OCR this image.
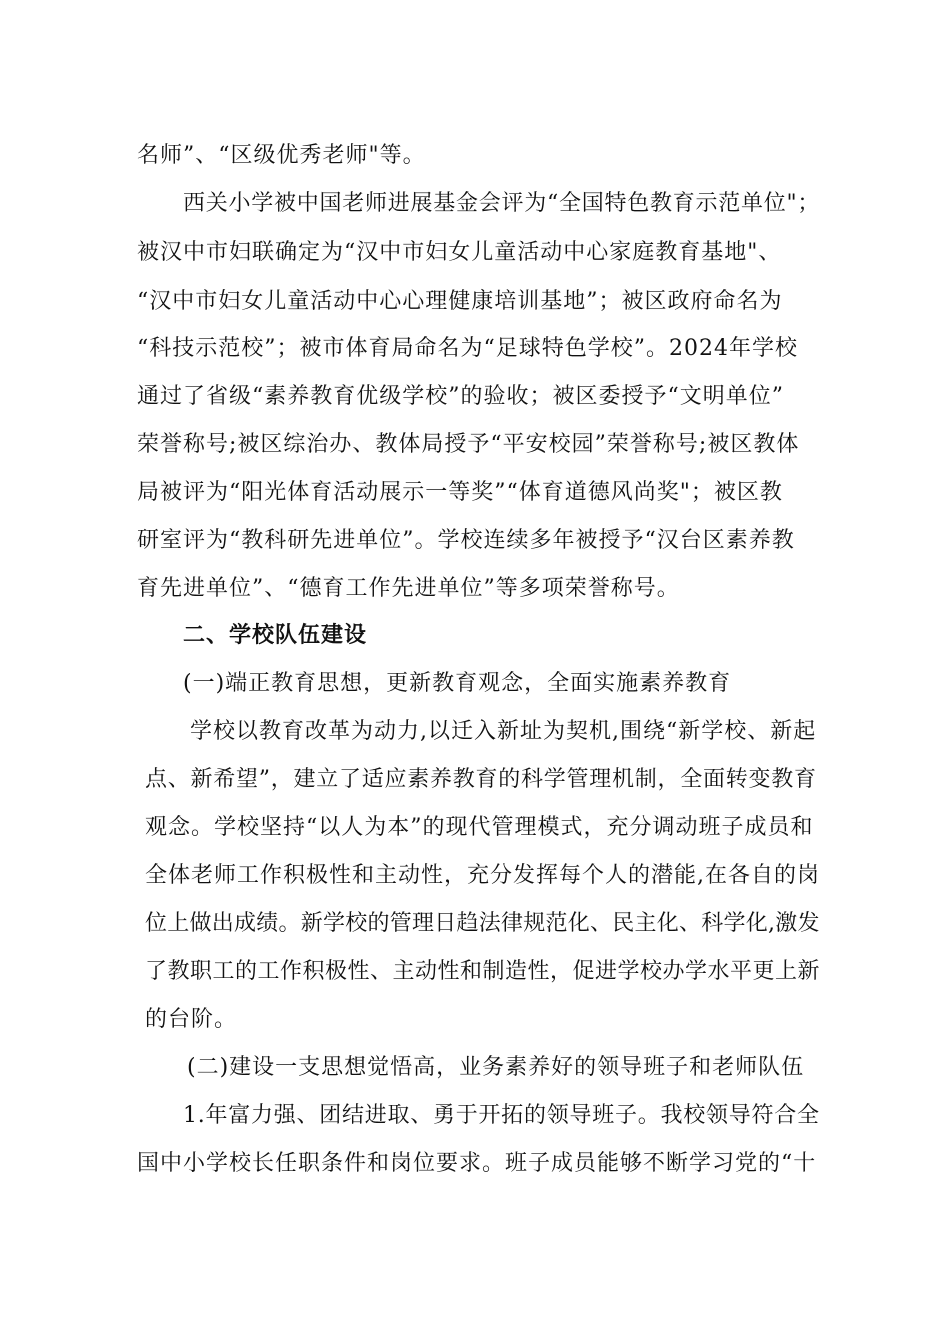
名师”、“区级优秀老师"等。
西关小学被中国老师进展基金会评为“全国特色教育示范单位"；
被汉中市妇联确定为“汉中市妇女儿童活动中心家庭教育基地"、
“汉中市妇女儿童活动中心心理健康培训基地”；被区政府命名为
“科技示范校”；被市体育局命名为“足球特色学校”。2024年学校
通过了省级“素养教育优级学校”的验收；被区委授予“文明单位”
荣誉称号;被区综治办、教体局授予“平安校园”荣誉称号;被区教体
局被评为“阳光体育活动展示一等奖”“体育道德风尚奖"；被区教
研室评为“教科研先进单位”。学校连续多年被授予“汉台区素养教
育先进单位”、“德育工作先进单位”等多项荣誉称号。
二、学校队伍建设
(一)端正教育思想，更新教育观念，全面实施素养教育
学校以教育改革为动力,以迁入新址为契机,围绕“新学校、新起
点、新希望”，建立了适应素养教育的科学管理机制，全面转变教育
观念。学校坚持“以人为本”的现代管理模式，充分调动班子成员和
全体老师工作积极性和主动性，充分发挥每个人的潜能,在各自的岗
位上做出成绩。新学校的管理日趋法律规范化、民主化、科学化,激发
了教职工的工作积极性、主动性和制造性，促进学校办学水平更上新
的台阶。
(二)建设一支思想觉悟高，业务素养好的领导班子和老师队伍
1.年富力强、团结进取、勇于开拓的领导班子。我校领导符合全
国中小学校长任职条件和岗位要求。班子成员能够不断学习党的“十
